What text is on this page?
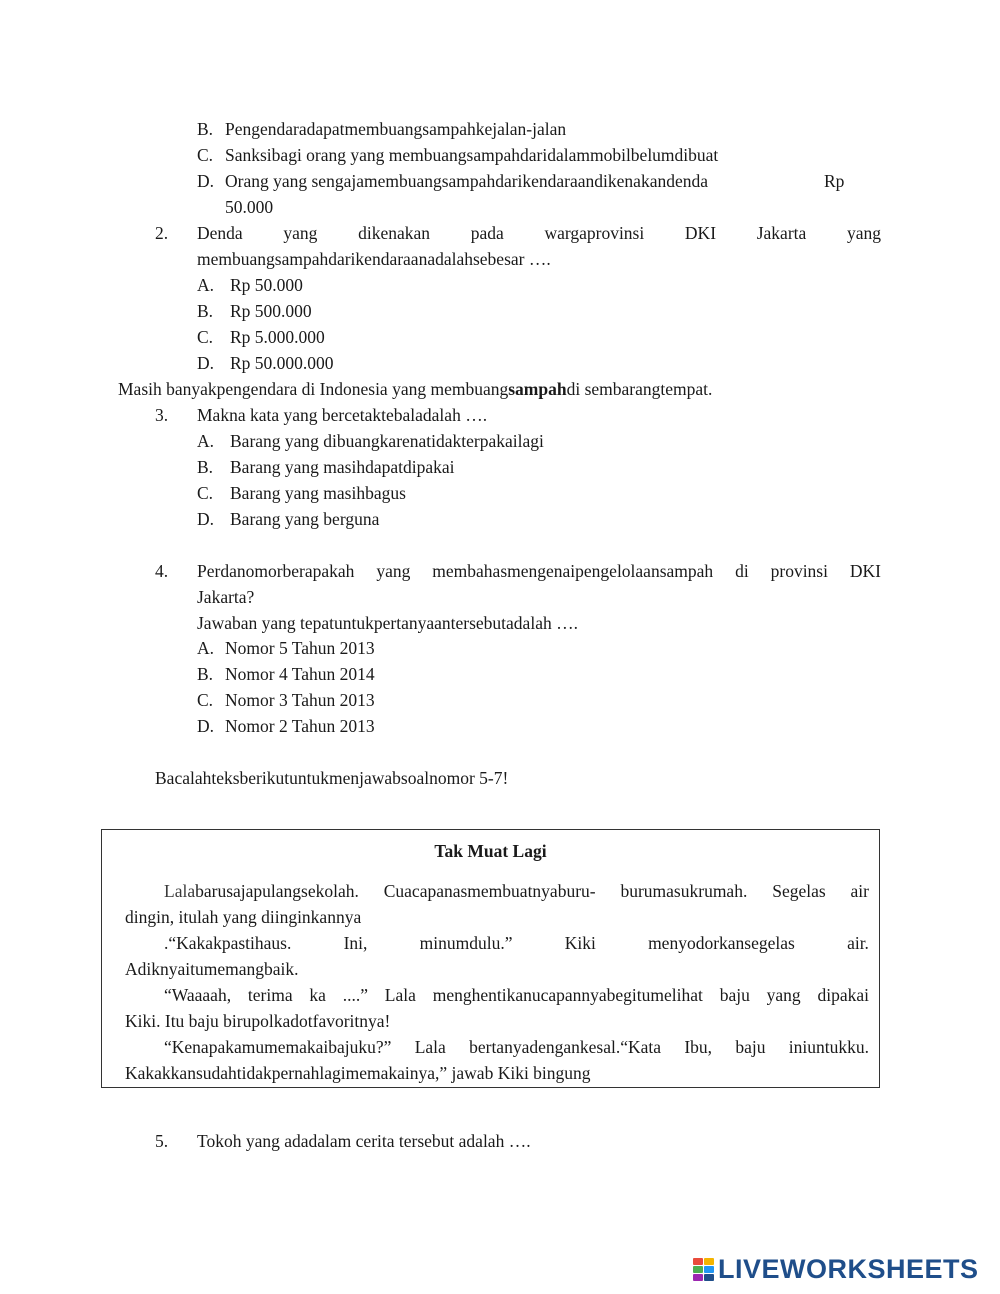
B. Pengendaradapatmembuangsampahkejalan-jalan
C. Sanksibagi orang yang membuangsampahdaridalammobilbelumdibuat
D. Orang yang sengajamembuangsampahdarikendaraandikenakandenda	Rp
50.000
2. Denda yang dikenakan pada wargaprovinsi DKI Jakarta yang
membuangsampahdarikendaraanadalahsebesar ….
A. Rp 50.000
B. Rp 500.000
C. Rp 5.000.000
D. Rp 50.000.000
Masih banyakpengendara di Indonesia yang membuangsampahdi sembarangtempat.
3. Makna kata yang bercetaktebaladalah ….
A. Barang yang dibuangkarenatidakterpakailagi
B. Barang yang masihdapatdipakai
C. Barang yang masihbagus
D. Barang yang berguna
4. Perdanomorberapakah yang membahasmengenaipengelolaansampah di provinsi DKI
Jakarta?
Jawaban yang tepatuntukpertanyaantersebutadalah ….
A. Nomor 5 Tahun 2013
B. Nomor 4 Tahun 2014
C. Nomor 3 Tahun 2013
D. Nomor 2 Tahun 2013
Bacalahteksberikutuntukmenjawabsoalnomor 5-7!
Tak Muat Lagi
Lalabarusajapulangsekolah. Cuacapanasmembuatnyaburu- burumasukrumah. Segelas air
dingin, itulah yang diinginkannya
.“Kakakpastihaus.	Ini,	minumdulu.”	Kiki	menyodorkansegelas	air.
Adiknyaitumemangbaik.
“Waaaah, terima ka ....” Lala menghentikanucapannyabegitumelihat baju yang dipakai
Kiki. Itu baju birupolkadotfavoritnya!
“Kenapakamumemakaibajuku?” Lala bertanyadengankesal.“Kata Ibu, baju iniuntukku.
Kakakkansudahtidakpernahlagimemakainya,” jawab Kiki bingung
5. Tokoh yang adadalam cerita tersebut adalah ….
LIVEWORKSHEETS
